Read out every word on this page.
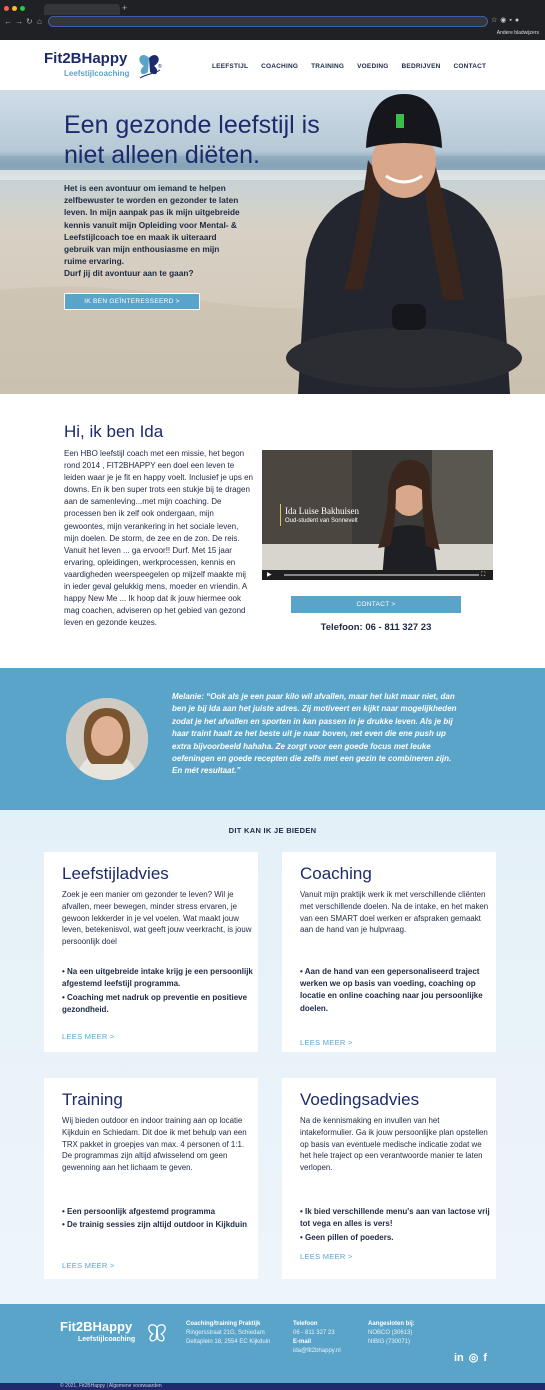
+
← → ↻ ⌂	☆◉▪●
Andere bladwijzers
Fit2BHappy
Leefstijlcoaching
®	LEEFSTIJL COACHING TRAINING VOEDING BEDRIJVEN CONTACT
Een gezonde leefstijl is niet alleen diëten.
Het is een avontuur om iemand te helpen zelfbewuster te worden en gezonder te laten leven. In mijn aanpak pas ik mijn uitgebreide kennis vanuit mijn Opleiding voor Mental- & Leefstijlcoach toe en maak ik uiteraard gebruik van mijn enthousiasme en mijn ruime ervaring.
Durf jij dit avontuur aan te gaan?
IK BEN GEÏNTERESSEERD >
Hi, ik ben Ida
Een HBO leefstijl coach met een missie, het begon rond 2014 , FIT2BHAPPY een doel een leven te leiden waar je je fit en happy voelt. Inclusief je ups en downs. En ik ben super trots een stukje bij te dragen aan de samenleving...met mijn coaching. De processen ben ik zelf ook ondergaan, mijn gewoontes, mijn verankering in het sociale leven, mijn doelen. De storm, de zee en de zon. De reis. Vanuit het leven ... ga ervoor!! Durf. Met 15 jaar ervaring, opleidingen, werkprocessen, kennis en vaardigheden weerspeegelen op mijzelf maakte mij in ieder geval gelukkig mens, moeder en vriendin. A happy New Me ... Ik hoop dat ik jouw hiermee ook mag coachen, adviseren op het gebied van gezond leven en gezonde keuzes.
Ida Luise Bakhuisen
Oud-student van Sonnevelt
▶	⛶
CONTACT >
Telefoon: 06 - 811 327 23
Melanie: “Ook als je een paar kilo wil afvallen, maar het lukt maar niet, dan ben je bij Ida aan het juiste adres. Zij motiveert en kijkt naar mogelijkheden zodat je het afvallen en sporten in kan passen in je drukke leven. Als je bij haar traint haalt ze het beste uit je naar boven, net even die ene push up extra bijvoorbeeld hahaha. Ze zorgt voor een goede focus met leuke oefeningen en goede recepten die zelfs met een gezin te combineren zijn. En mét resultaat.”
DIT KAN IK JE BIEDEN
Leefstijladvies
Zoek je een manier om gezonder te leven? Wil je afvallen, meer bewegen, minder stress ervaren, je gewoon lekkerder in je vel voelen. Wat maakt jouw leven, betekenisvol, wat geeft jouw veerkracht, is jouw persoonlijk doel
• Na een uitgebreide intake krijg je een persoonlijk afgestemd leefstijl programma.
• Coaching met nadruk op preventie en positieve gezondheid.
LEES MEER >
Coaching
Vanuit mijn praktijk werk ik met verschillende cliënten met verschillende doelen. Na de intake, en het maken van een SMART doel werken er afspraken gemaakt aan de hand van je hulpvraag.
• Aan de hand van een gepersonaliseerd traject werken we op basis van voeding, coaching op locatie en online coaching naar jou persoonlijke doelen.
LEES MEER >
Training
Wij bieden outdoor en indoor training aan op locatie Kijkduin en Schiedam. Dit doe ik met behulp van een TRX pakket in groepjes van max. 4 personen of 1:1. De programmas zijn altijd afwisselend om geen gewenning aan het lichaam te geven.
• Een persoonlijk afgestemd programma
• De trainig sessies zijn altijd outdoor in Kijkduin
LEES MEER >
Voedingsadvies
Na de kennismaking en invullen van het intakeformulier. Ga ik jouw persoonlijke plan opstellen op basis van eventuele medische indicatie zodat we het hele traject op een verantwoorde manier te laten verlopen.
• Ik bied verschillende menu's aan van lactose vrij tot vega en alles is vers!
• Geen pillen of poeders.
LEES MEER >
Fit2BHappy
Leefstijlcoaching
Coaching/training Praktijk
Ringersstraat 21G, Schiedam
Deltaplein 18, 2554 EC Kijkduin
Telefoon
06 - 811 327 23
E-mail
ida@fit2bhappy.nl
Aangesloten bij:
NOBCO (30613)
NIBIG (730071)
in ◎ f
© 2021, Fit2BHappy | Algemene voorwaarden
